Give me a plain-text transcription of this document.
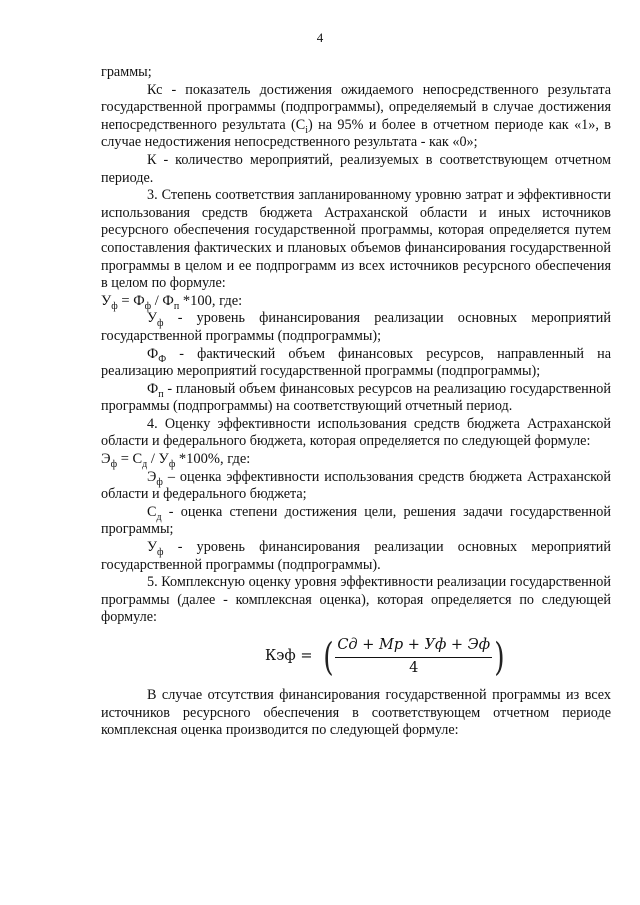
4

граммы;

Кс - показатель достижения ожидаемого непосредственного результата государственной программы (подпрограммы), определяемый в случае достижения непосредственного результата $(C_i)$ на 95% и более в отчетном периоде как «1», в случае недостижения непосредственного результата - как «0»;

К - количество мероприятий, реализуемых в соответствующем отчетном периоде.

3. Степень соответствия запланированному уровню затрат и эффективности использования средств бюджета Астраханской области и иных источников ресурсного обеспечения государственной программы, которая определяется путем сопоставления фактических и плановых объемов финансирования государственной программы в целом и ее подпрограмм из всех источников ресурсного обеспечения в целом по формуле:

$У_ф = Ф_ф / Ф_п$ *100, где:

$У_ф$ - уровень финансирования реализации основных мероприятий государственной программы (подпрограммы);

$Ф_Ф$ - фактический объем финансовых ресурсов, направленный на реализацию мероприятий государственной программы (подпрограммы);

$Ф_п$ - плановый объем финансовых ресурсов на реализацию государственной программы (подпрограммы) на соответствующий отчетный период.

4. Оценку эффективности использования средств бюджета Астраханской области и федерального бюджета, которая определяется по следующей формуле:

$Э_ф = С_д / У_ф$ *100%, где:

$Э_ф$ – оценка эффективности использования средств бюджета Астраханской области и федерального бюджета;

$С_д$ - оценка степени достижения цели, решения задачи государственной программы;

$У_ф$ - уровень финансирования реализации основных мероприятий государственной программы (подпрограммы).

5. Комплексную оценку уровня эффективности реализации государственной программы (далее - комплексная оценка), которая определяется по следующей формуле:

Кэф = ( $\frac{Сд + Мр + Уф + Эф}{4}$ )

В случае отсутствия финансирования государственной программы из всех источников ресурсного обеспечения в соответствующем отчетном периоде комплексная оценка производится по следующей формуле:
